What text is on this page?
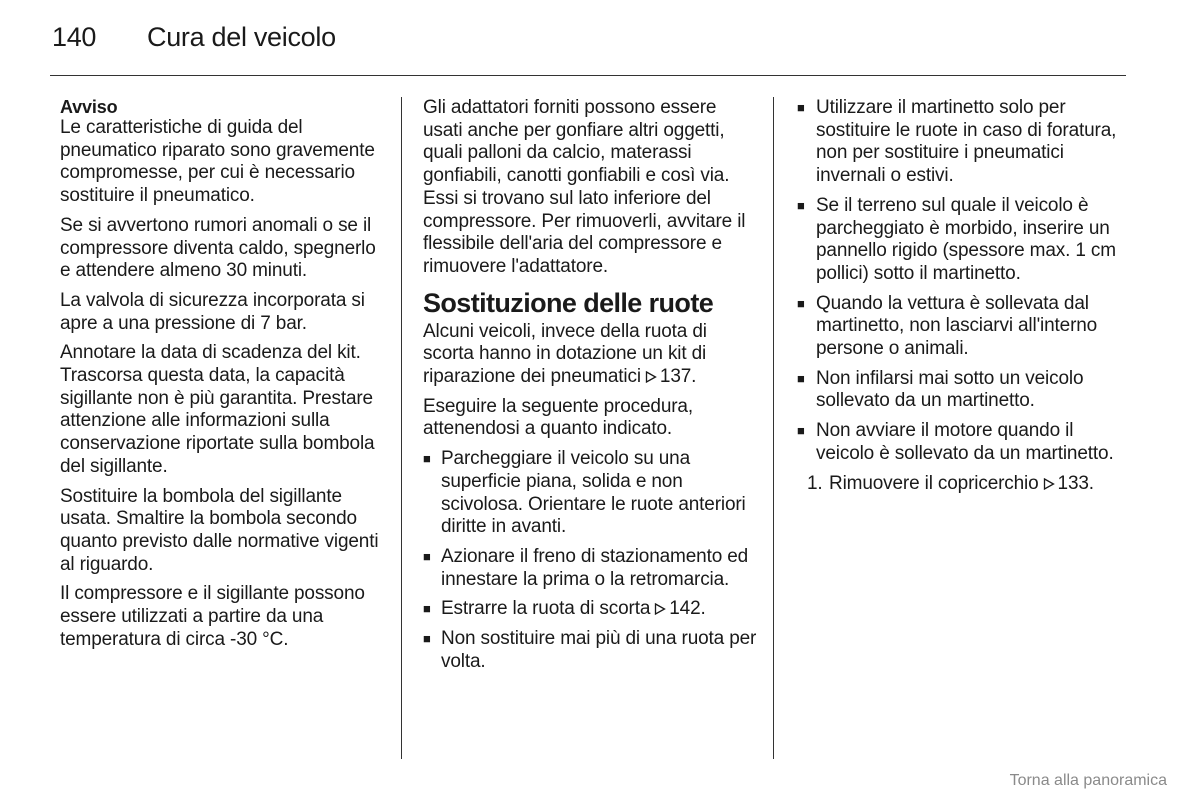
140	Cura del veicolo
Avviso

Le caratteristiche di guida del pneumatico riparato sono gravemente compromesse, per cui è necessario sostituire il pneumatico.

Se si avvertono rumori anomali o se il compressore diventa caldo, spegnerlo e attendere almeno 30 minuti.

La valvola di sicurezza incorporata si apre a una pressione di 7 bar.

Annotare la data di scadenza del kit. Trascorsa questa data, la capacità sigillante non è più garantita. Prestare attenzione alle informazioni sulla conservazione riportate sulla bombola del sigillante.

Sostituire la bombola del sigillante usata. Smaltire la bombola secondo quanto previsto dalle normative vigenti al riguardo.

Il compressore e il sigillante possono essere utilizzati a partire da una temperatura di circa -30 °C.

Gli adattatori forniti possono essere usati anche per gonfiare altri oggetti, quali palloni da calcio, materassi gonfiabili, canotti gonfiabili e così via. Essi si trovano sul lato inferiore del compressore. Per rimuoverli, avvitare il flessibile dell'aria del compressore e rimuovere l'adattatore.

Sostituzione delle ruote

Alcuni veicoli, invece della ruota di scorta hanno in dotazione un kit di riparazione dei pneumatici 137.

Eseguire la seguente procedura, attenendosi a quanto indicato.

■ Parcheggiare il veicolo su una superficie piana, solida e non scivolosa. Orientare le ruote anteriori diritte in avanti.
■ Azionare il freno di stazionamento ed innestare la prima o la retromarcia.
■ Estrarre la ruota di scorta 142.
■ Non sostituire mai più di una ruota per volta.
■ Utilizzare il martinetto solo per sostituire le ruote in caso di foratura, non per sostituire i pneumatici invernali o estivi.
■ Se il terreno sul quale il veicolo è parcheggiato è morbido, inserire un pannello rigido (spessore max. 1 cm pollici) sotto il martinetto.
■ Quando la vettura è sollevata dal martinetto, non lasciarvi all'interno persone o animali.
■ Non infilarsi mai sotto un veicolo sollevato da un martinetto.
■ Non avviare il motore quando il veicolo è sollevato da un martinetto.
1. Rimuovere il copricerchio 133.
Torna alla panoramica
